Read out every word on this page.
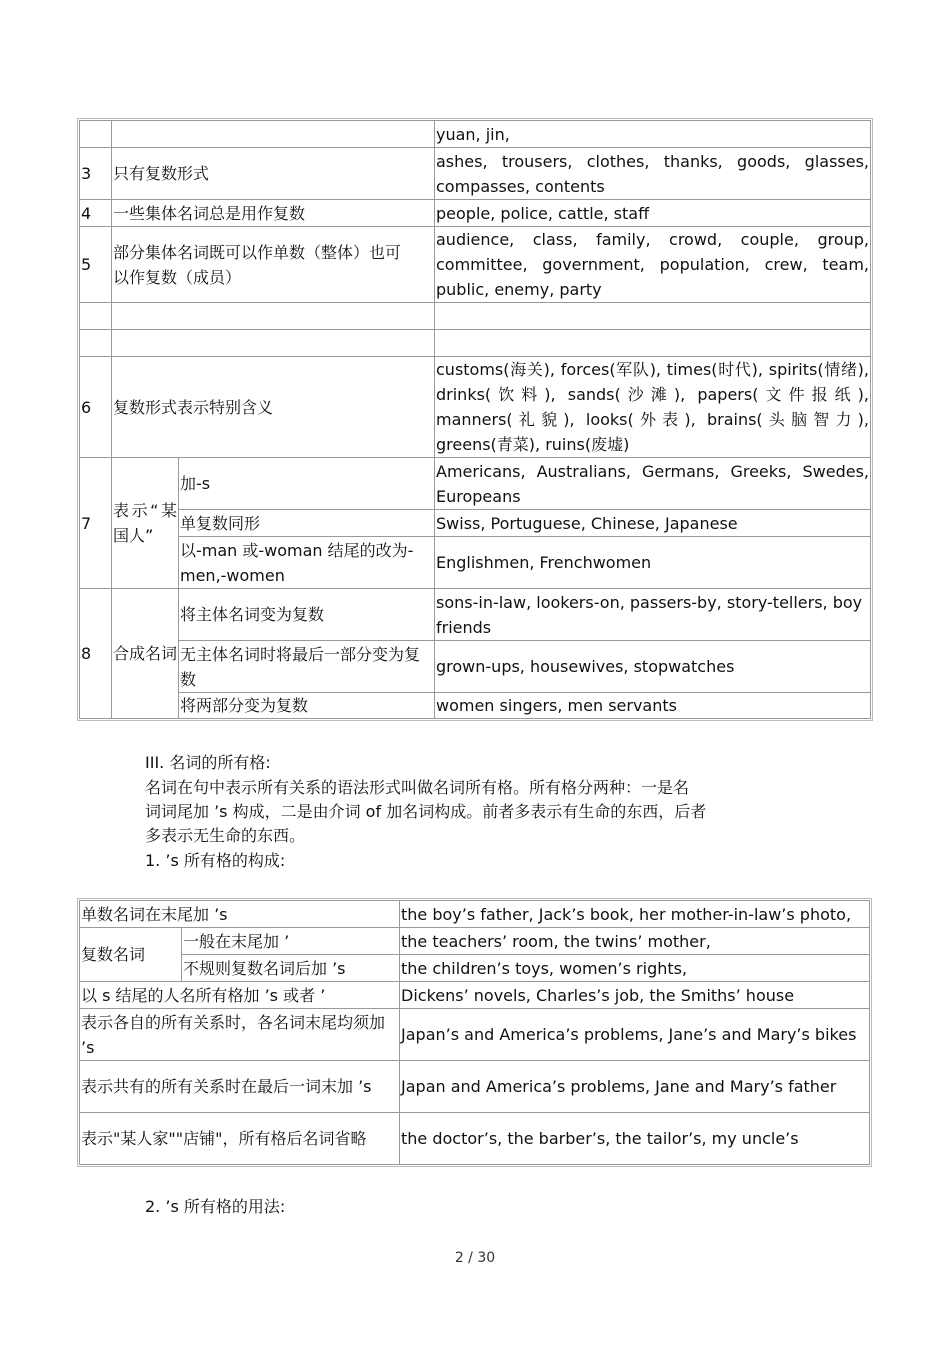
			yuan, jin,
3	只有复数形式		ashes, trousers, clothes, thanks, goods, glasses, compasses, contents
4	一些集体名词总是用作复数		people, police, cattle, staff
5	部分集体名词既可以作单数（整体）也可以作复数（成员）		audience, class, family, crowd, couple, group, committee, government, population, crew, team, public, enemy, party

6	复数形式表示特别含义		customs(海关), forces(军队), times(时代), spirits(情绪), drinks(饮料), sands(沙滩), papers(文件报纸), manners(礼貌), looks(外表), brains(头脑智力), greens(青菜), ruins(废墟)
7	表示“某国人”	加-s	Americans, Australians, Germans, Greeks, Swedes, Europeans
		单复数同形	Swiss, Portuguese, Chinese, Japanese
		以-man 或-woman 结尾的改为-men,-women	Englishmen, Frenchwomen
8	合成名词	将主体名词变为复数	sons-in-law, lookers-on, passers-by, story-tellers, boy friends
		无主体名词时将最后一部分变为复数	grown-ups, housewives, stopwatches
		将两部分变为复数	women singers, men servants
III. 名词的所有格:
名词在句中表示所有关系的语法形式叫做名词所有格。所有格分两种：一是名
词词尾加 ’s 构成，二是由介词 of 加名词构成。前者多表示有生命的东西，后者
多表示无生命的东西。
1. ’s 所有格的构成:
单数名词在末尾加 ’s		the boy’s father, Jack’s book, her mother-in-law’s photo,
复数名词	一般在末尾加 ’	the teachers’ room, the twins’ mother,
	不规则复数名词后加 ’s	the children’s toys, women’s rights,
以 s 结尾的人名所有格加 ’s 或者 ’		Dickens’ novels, Charles’s job, the Smiths’ house
表示各自的所有关系时，各名词末尾均须加 ’s		Japan’s and America’s problems, Jane’s and Mary’s bikes
表示共有的所有关系时在最后一词末加 ’s		Japan and America’s problems, Jane and Mary’s father
表示"某人家""店铺"，所有格后名词省略		the doctor’s, the barber’s, the tailor’s, my uncle’s
2. ’s 所有格的用法:
2 / 30
